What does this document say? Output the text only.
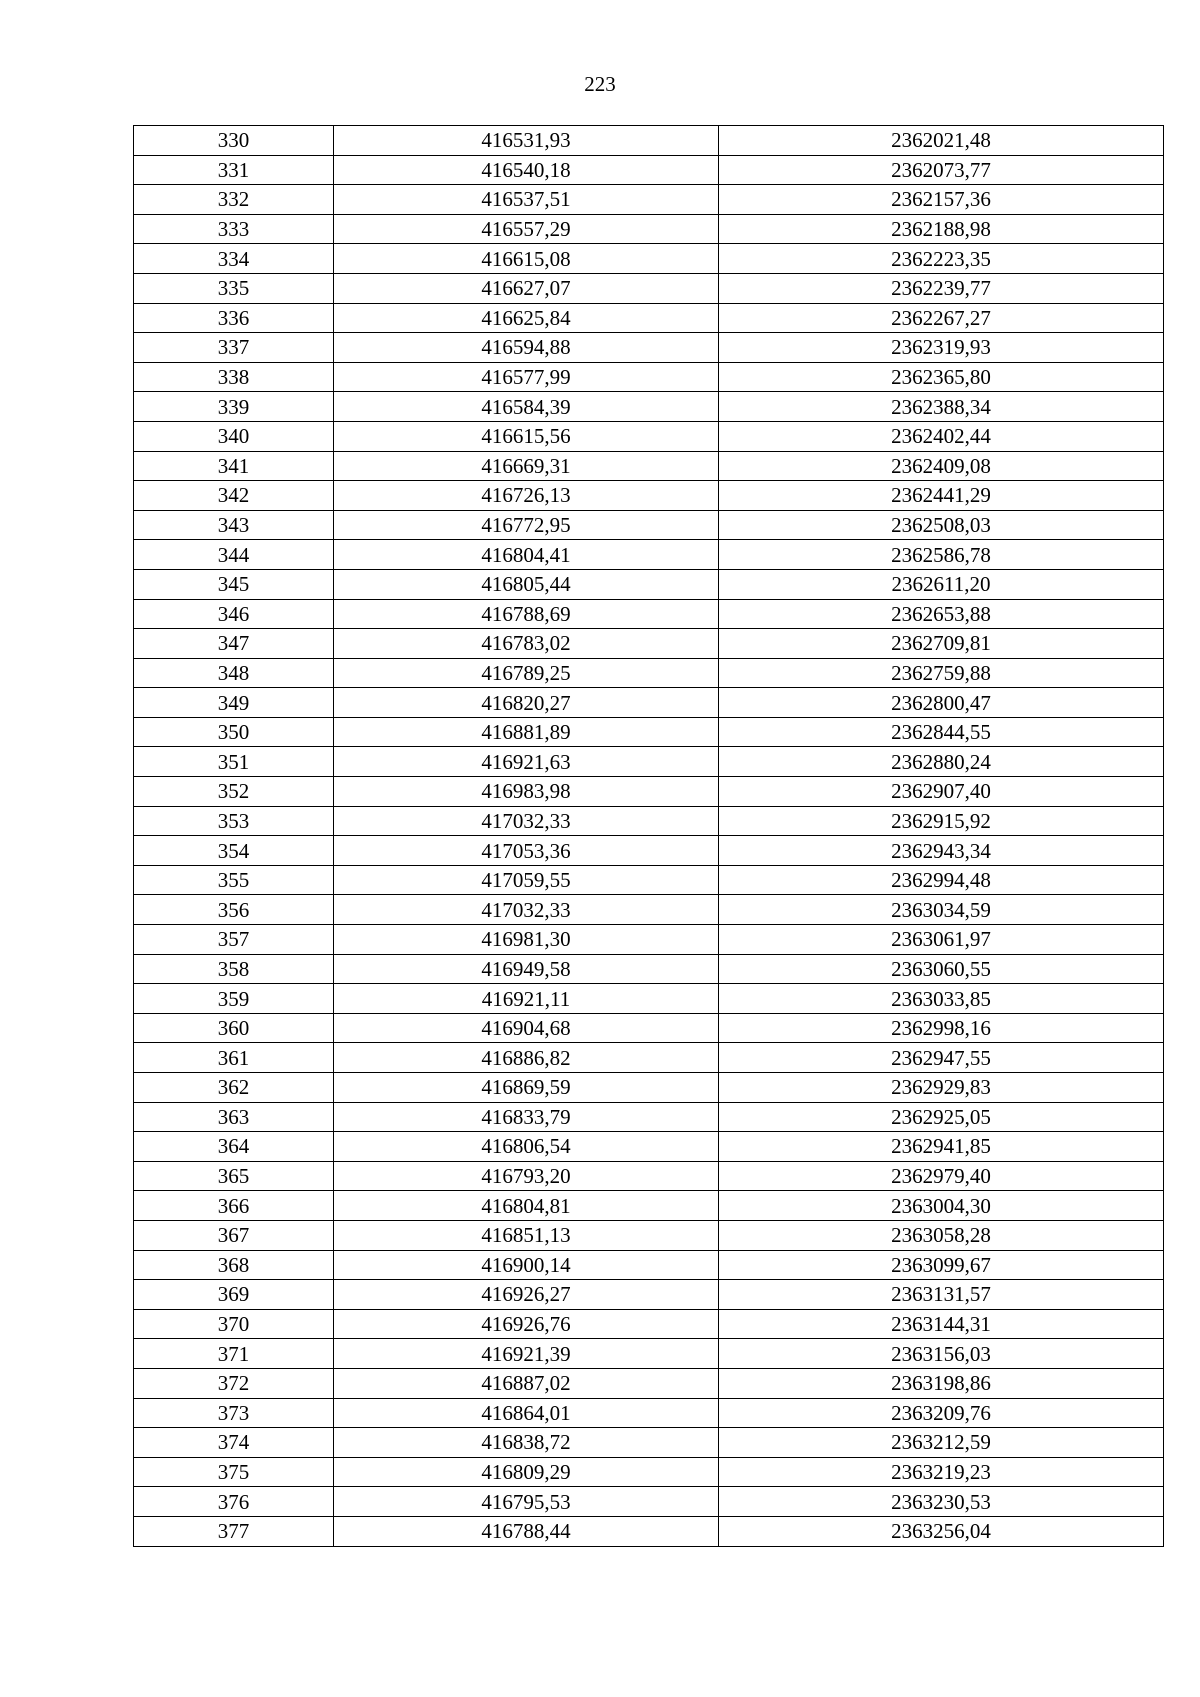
223
330	416531,93	2362021,48
331	416540,18	2362073,77
332	416537,51	2362157,36
333	416557,29	2362188,98
334	416615,08	2362223,35
335	416627,07	2362239,77
336	416625,84	2362267,27
337	416594,88	2362319,93
338	416577,99	2362365,80
339	416584,39	2362388,34
340	416615,56	2362402,44
341	416669,31	2362409,08
342	416726,13	2362441,29
343	416772,95	2362508,03
344	416804,41	2362586,78
345	416805,44	2362611,20
346	416788,69	2362653,88
347	416783,02	2362709,81
348	416789,25	2362759,88
349	416820,27	2362800,47
350	416881,89	2362844,55
351	416921,63	2362880,24
352	416983,98	2362907,40
353	417032,33	2362915,92
354	417053,36	2362943,34
355	417059,55	2362994,48
356	417032,33	2363034,59
357	416981,30	2363061,97
358	416949,58	2363060,55
359	416921,11	2363033,85
360	416904,68	2362998,16
361	416886,82	2362947,55
362	416869,59	2362929,83
363	416833,79	2362925,05
364	416806,54	2362941,85
365	416793,20	2362979,40
366	416804,81	2363004,30
367	416851,13	2363058,28
368	416900,14	2363099,67
369	416926,27	2363131,57
370	416926,76	2363144,31
371	416921,39	2363156,03
372	416887,02	2363198,86
373	416864,01	2363209,76
374	416838,72	2363212,59
375	416809,29	2363219,23
376	416795,53	2363230,53
377	416788,44	2363256,04
